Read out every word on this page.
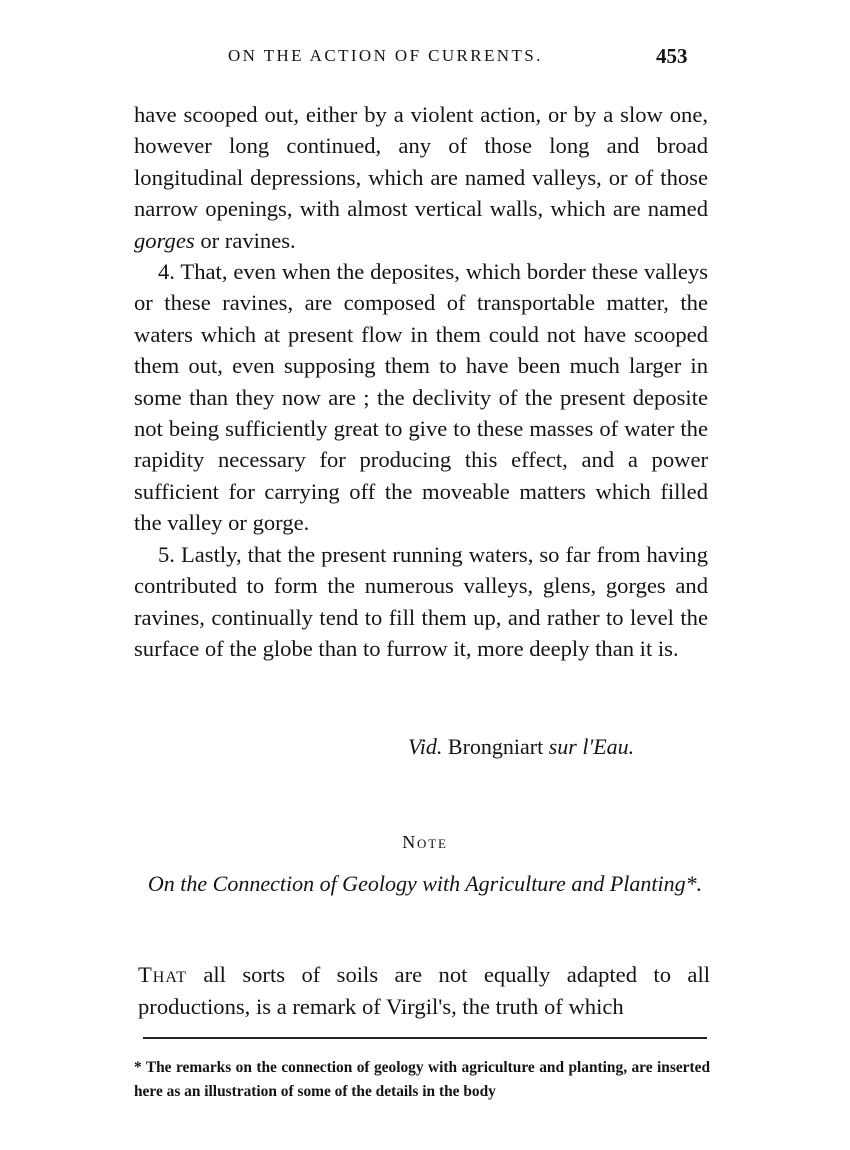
ON THE ACTION OF CURRENTS.	453

have scooped out, either by a violent action, or by a slow one, however long continued, any of those long and broad longitudinal depressions, which are named valleys, or of those narrow openings, with almost vertical walls, which are named gorges or ravines.

4. That, even when the deposites, which border these valleys or these ravines, are composed of transportable matter, the waters which at present flow in them could not have scooped them out, even supposing them to have been much larger in some than they now are ; the declivity of the present deposite not being sufficiently great to give to these masses of water the rapidity necessary for producing this effect, and a power sufficient for carrying off the moveable matters which filled the valley or gorge.

5. Lastly, that the present running waters, so far from having contributed to form the numerous valleys, glens, gorges and ravines, continually tend to fill them up, and rather to level the surface of the globe than to furrow it, more deeply than it is.

Vid. Brongniart sur l'Eau.
Note
On the Connection of Geology with Agriculture and Planting*.
That all sorts of soils are not equally adapted to all productions, is a remark of Virgil's, the truth of which
* The remarks on the connection of geology with agriculture and planting, are inserted here as an illustration of some of the details in the body
